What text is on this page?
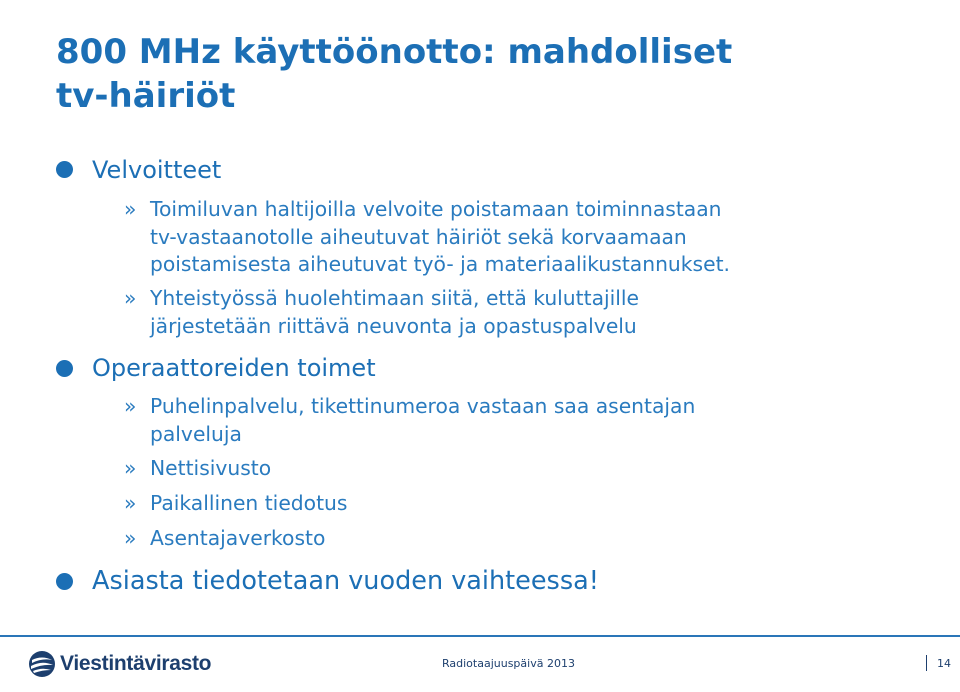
800 MHz käyttöönotto: mahdolliset
tv-häiriöt
Velvoitteet
» Toimiluvan haltijoilla velvoite poistamaan toiminnastaan
tv-vastaanotolle aiheutuvat häiriöt sekä korvaamaan
poistamisesta aiheutuvat työ- ja materiaalikustannukset.
» Yhteistyössä huolehtimaan siitä, että kuluttajille
järjestetään riittävä neuvonta ja opastuspalvelu
Operaattoreiden toimet
» Puhelinpalvelu, tikettinumeroa vastaan saa asentajan
palveluja
» Nettisivusto
» Paikallinen tiedotus
» Asentajaverkosto
Asiasta tiedotetaan vuoden vaihteessa!
Viestintävirasto	Radiotaajuuspäivä 2013	14
